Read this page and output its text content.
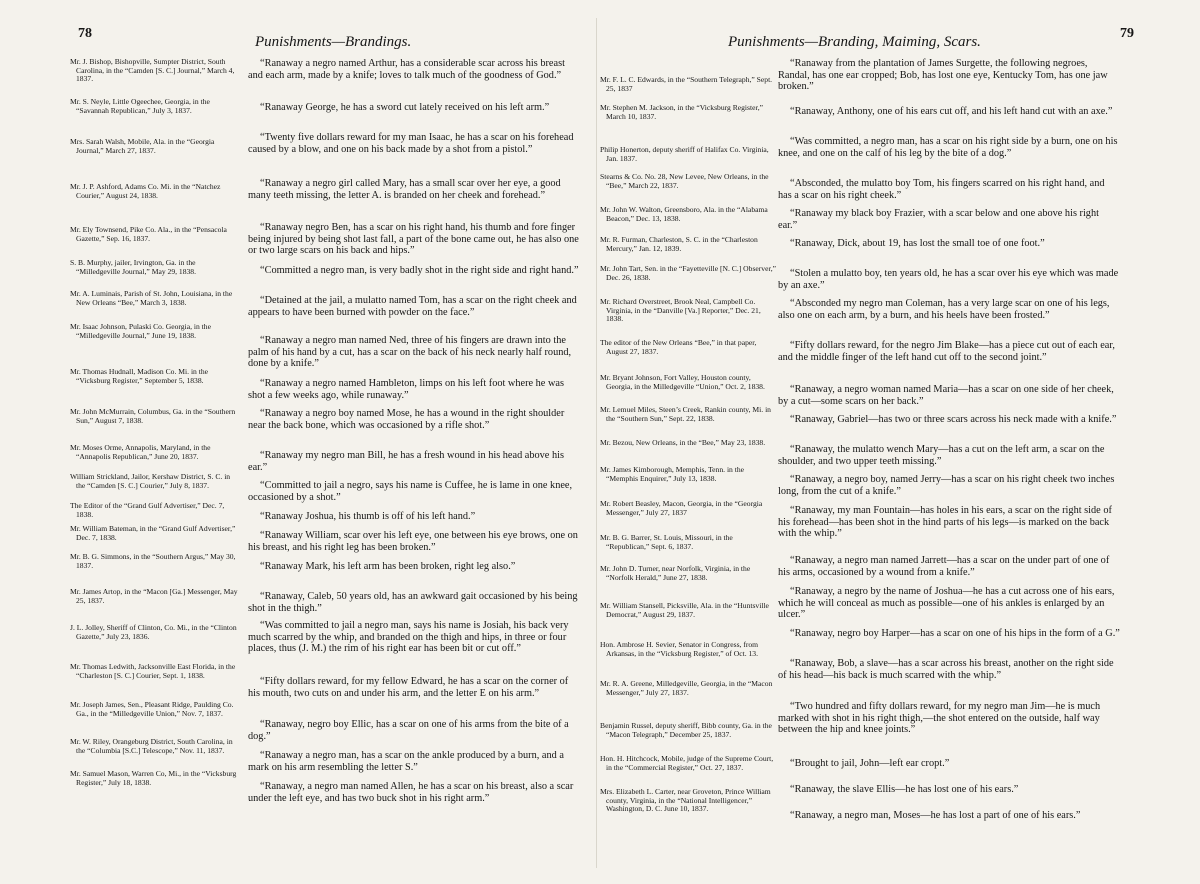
78
Punishments—Brandings.
Mr. J. Bishop, Bishopville, Sumpter District, South Carolina, in the “Camden [S. C.] Journal,” March 4, 1837.
Mr. S. Neyle, Little Ogeechee, Georgia, in the “Savannah Republican,” July 3, 1837.
Mrs. Sarah Walsh, Mobile, Ala. in the “Georgia Journal,” March 27, 1837.
Mr. J. P. Ashford, Adams Co. Mi. in the “Natchez Courier,” August 24, 1838.
Mr. Ely Townsend, Pike Co. Ala., in the “Pensacola Gazette,” Sep. 16, 1837.
S. B. Murphy, jailer, Irvington, Ga. in the “Milledgeville Journal,” May 29, 1838.
Mr. A. Luminais, Parish of St. John, Louisiana, in the New Orleans “Bee,” March 3, 1838.
Mr. Isaac Johnson, Pulaski Co. Georgia, in the “Milledgeville Journal,” June 19, 1838.
Mr. Thomas Hudnall, Madison Co. Mi. in the “Vicksburg Register,” September 5, 1838.
Mr. John McMurrain, Columbus, Ga. in the “Southern Sun,” August 7, 1838.
Mr. Moses Orme, Annapolis, Maryland, in the “Annapolis Republican,” June 20, 1837.
William Strickland, Jailor, Kershaw District, S. C. in the “Camden [S. C.] Courier,” July 8, 1837.
The Editor of the “Grand Gulf Advertiser,” Dec. 7, 1838.
Mr. William Bateman, in the “Grand Gulf Advertiser,” Dec. 7, 1838.
Mr. B. G. Simmons, in the “Southern Argus,” May 30, 1837.
Mr. James Artop, in the “Macon [Ga.] Messenger, May 25, 1837.
J. L. Jolley, Sheriff of Clinton, Co. Mi., in the “Clinton Gazette,” July 23, 1836.
Mr. Thomas Ledwith, Jacksonville East Florida, in the “Charleston [S. C.] Courier, Sept. 1, 1838.
Mr. Joseph James, Sen., Pleasant Ridge, Paulding Co. Ga., in the “Milledgeville Union,” Nov. 7, 1837.
Mr. W. Riley, Orangeburg District, South Carolina, in the “Columbia [S.C.] Telescope,” Nov. 11, 1837.
Mr. Samuel Mason, Warren Co, Mi., in the “Vicksburg Register,” July 18, 1838.
“Ranaway a negro named Arthur, has a considerable scar across his breast and each arm, made by a knife; loves to talk much of the goodness of God.”
“Ranaway George, he has a sword cut lately received on his left arm.”
“Twenty five dollars reward for my man Isaac, he has a scar on his forehead caused by a blow, and one on his back made by a shot from a pistol.”
“Ranaway a negro girl called Mary, has a small scar over her eye, a good many teeth missing, the letter A. is branded on her cheek and forehead.”
“Ranaway negro Ben, has a scar on his right hand, his thumb and fore finger being injured by being shot last fall, a part of the bone came out, he has also one or two large scars on his back and hips.”
“Committed a negro man, is very badly shot in the right side and right hand.”
“Detained at the jail, a mulatto named Tom, has a scar on the right cheek and appears to have been burned with powder on the face.”
“Ranaway a negro man named Ned, three of his fingers are drawn into the palm of his hand by a cut, has a scar on the back of his neck nearly half round, done by a knife.”
“Ranaway a negro named Hambleton, limps on his left foot where he was shot a few weeks ago, while runaway.”
“Ranaway a negro boy named Mose, he has a wound in the right shoulder near the back bone, which was occasioned by a rifle shot.”
“Ranaway my negro man Bill, he has a fresh wound in his head above his ear.”
“Committed to jail a negro, says his name is Cuffee, he is lame in one knee, occasioned by a shot.”
“Ranaway Joshua, his thumb is off of his left hand.”
“Ranaway William, scar over his left eye, one between his eye brows, one on his breast, and his right leg has been broken.”
“Ranaway Mark, his left arm has been broken, right leg also.”
“Ranaway, Caleb, 50 years old, has an awkward gait occasioned by his being shot in the thigh.”
“Was committed to jail a negro man, says his name is Josiah, his back very much scarred by the whip, and branded on the thigh and hips, in three or four places, thus (J. M.) the rim of his right ear has been bit or cut off.”
“Fifty dollars reward, for my fellow Edward, he has a scar on the corner of his mouth, two cuts on and under his arm, and the letter E on his arm.”
“Ranaway, negro boy Ellic, has a scar on one of his arms from the bite of a dog.”
“Ranaway a negro man, has a scar on the ankle produced by a burn, and a mark on his arm resembling the letter S.”
“Ranaway, a negro man named Allen, he has a scar on his breast, also a scar under the left eye, and has two buck shot in his right arm.”
Punishments—Branding, Maiming, Scars.
79
Mr. F. L. C. Edwards, in the “Southern Telegraph,” Sept. 25, 1837
Mr. Stephen M. Jackson, in the “Vicksburg Register,” March 10, 1837.
Philip Honerton, deputy sheriff of Halifax Co. Virginia, Jan. 1837.
Stearns & Co. No. 28, New Levee, New Orleans, in the “Bee,” March 22, 1837.
Mr. John W. Walton, Greensboro, Ala. in the “Alabama Beacon,” Dec. 13, 1838.
Mr. R. Furman, Charleston, S. C. in the “Charleston Mercury,” Jan. 12, 1839.
Mr. John Tart, Sen. in the “Fayetteville [N. C.] Observer,” Dec. 26, 1838.
Mr. Richard Overstreet, Brook Neal, Campbell Co. Virginia, in the “Danville [Va.] Reporter,” Dec. 21, 1838.
The editor of the New Orleans “Bee,” in that paper, August 27, 1837.
Mr. Bryant Johnson, Fort Valley, Houston county, Georgia, in the Milledgeville “Union,” Oct. 2, 1838.
Mr. Lemuel Miles, Steen’s Creek, Rankin county, Mi. in the “Southern Sun,” Sept. 22, 1838.
Mr. Bezou, New Orleans, in the “Bee,” May 23, 1838.
Mr. James Kimborough, Memphis, Tenn. in the “Memphis Enquirer,” July 13, 1838.
Mr. Robert Beasley, Macon, Georgia, in the “Georgia Messenger,” July 27, 1837
Mr. B. G. Barrer, St. Louis, Missouri, in the “Republican,” Sept. 6, 1837.
Mr. John D. Turner, near Norfolk, Virginia, in the “Norfolk Herald,” June 27, 1838.
Mr. William Stansell, Picksville, Ala. in the “Huntsville Democrat,” August 29, 1837.
Hon. Ambrose H. Sevier, Senator in Congress, from Arkansas, in the “Vicksburg Register,” of Oct. 13.
Mr. R. A. Greene, Milledgeville, Georgia, in the “Macon Messenger,” July 27, 1837.
Benjamin Russel, deputy sheriff, Bibb county, Ga. in the “Macon Telegraph,” December 25, 1837.
Hon. H. Hitchcock, Mobile, judge of the Supreme Court, in the “Commercial Register,” Oct. 27, 1837.
Mrs. Elizabeth L. Carter, near Groveton, Prince William county, Virginia, in the “National Intelligencer,” Washington, D. C. June 10, 1837.
“Ranaway from the plantation of James Surgette, the following negroes, Randal, has one ear cropped; Bob, has lost one eye, Kentucky Tom, has one jaw broken.”
“Ranaway, Anthony, one of his ears cut off, and his left hand cut with an axe.”
“Was committed, a negro man, has a scar on his right side by a burn, one on his knee, and one on the calf of his leg by the bite of a dog.”
“Absconded, the mulatto boy Tom, his fingers scarred on his right hand, and has a scar on his right cheek.”
“Ranaway my black boy Frazier, with a scar below and one above his right ear.”
“Ranaway, Dick, about 19, has lost the small toe of one foot.”
“Stolen a mulatto boy, ten years old, he has a scar over his eye which was made by an axe.”
“Absconded my negro man Coleman, has a very large scar on one of his legs, also one on each arm, by a burn, and his heels have been frosted.”
“Fifty dollars reward, for the negro Jim Blake—has a piece cut out of each ear, and the middle finger of the left hand cut off to the second joint.”
“Ranaway, a negro woman named Maria—has a scar on one side of her cheek, by a cut—some scars on her back.”
“Ranaway, Gabriel—has two or three scars across his neck made with a knife.”
“Ranaway, the mulatto wench Mary—has a cut on the left arm, a scar on the shoulder, and two upper teeth missing.”
“Ranaway, a negro boy, named Jerry—has a scar on his right cheek two inches long, from the cut of a knife.”
“Ranaway, my man Fountain—has holes in his ears, a scar on the right side of his forehead—has been shot in the hind parts of his legs—is marked on the back with the whip.”
“Ranaway, a negro man named Jarrett—has a scar on the under part of one of his arms, occasioned by a wound from a knife.”
“Ranaway, a negro by the name of Joshua—he has a cut across one of his ears, which he will conceal as much as possible—one of his ankles is enlarged by an ulcer.”
“Ranaway, negro boy Harper—has a scar on one of his hips in the form of a G.”
“Ranaway, Bob, a slave—has a scar across his breast, another on the right side of his head—his back is much scarred with the whip.”
“Two hundred and fifty dollars reward, for my negro man Jim—he is much marked with shot in his right thigh,—the shot entered on the outside, half way between the hip and knee joints.”
“Brought to jail, John—left ear cropt.”
“Ranaway, the slave Ellis—he has lost one of his ears.”
“Ranaway, a negro man, Moses—he has lost a part of one of his ears.”
